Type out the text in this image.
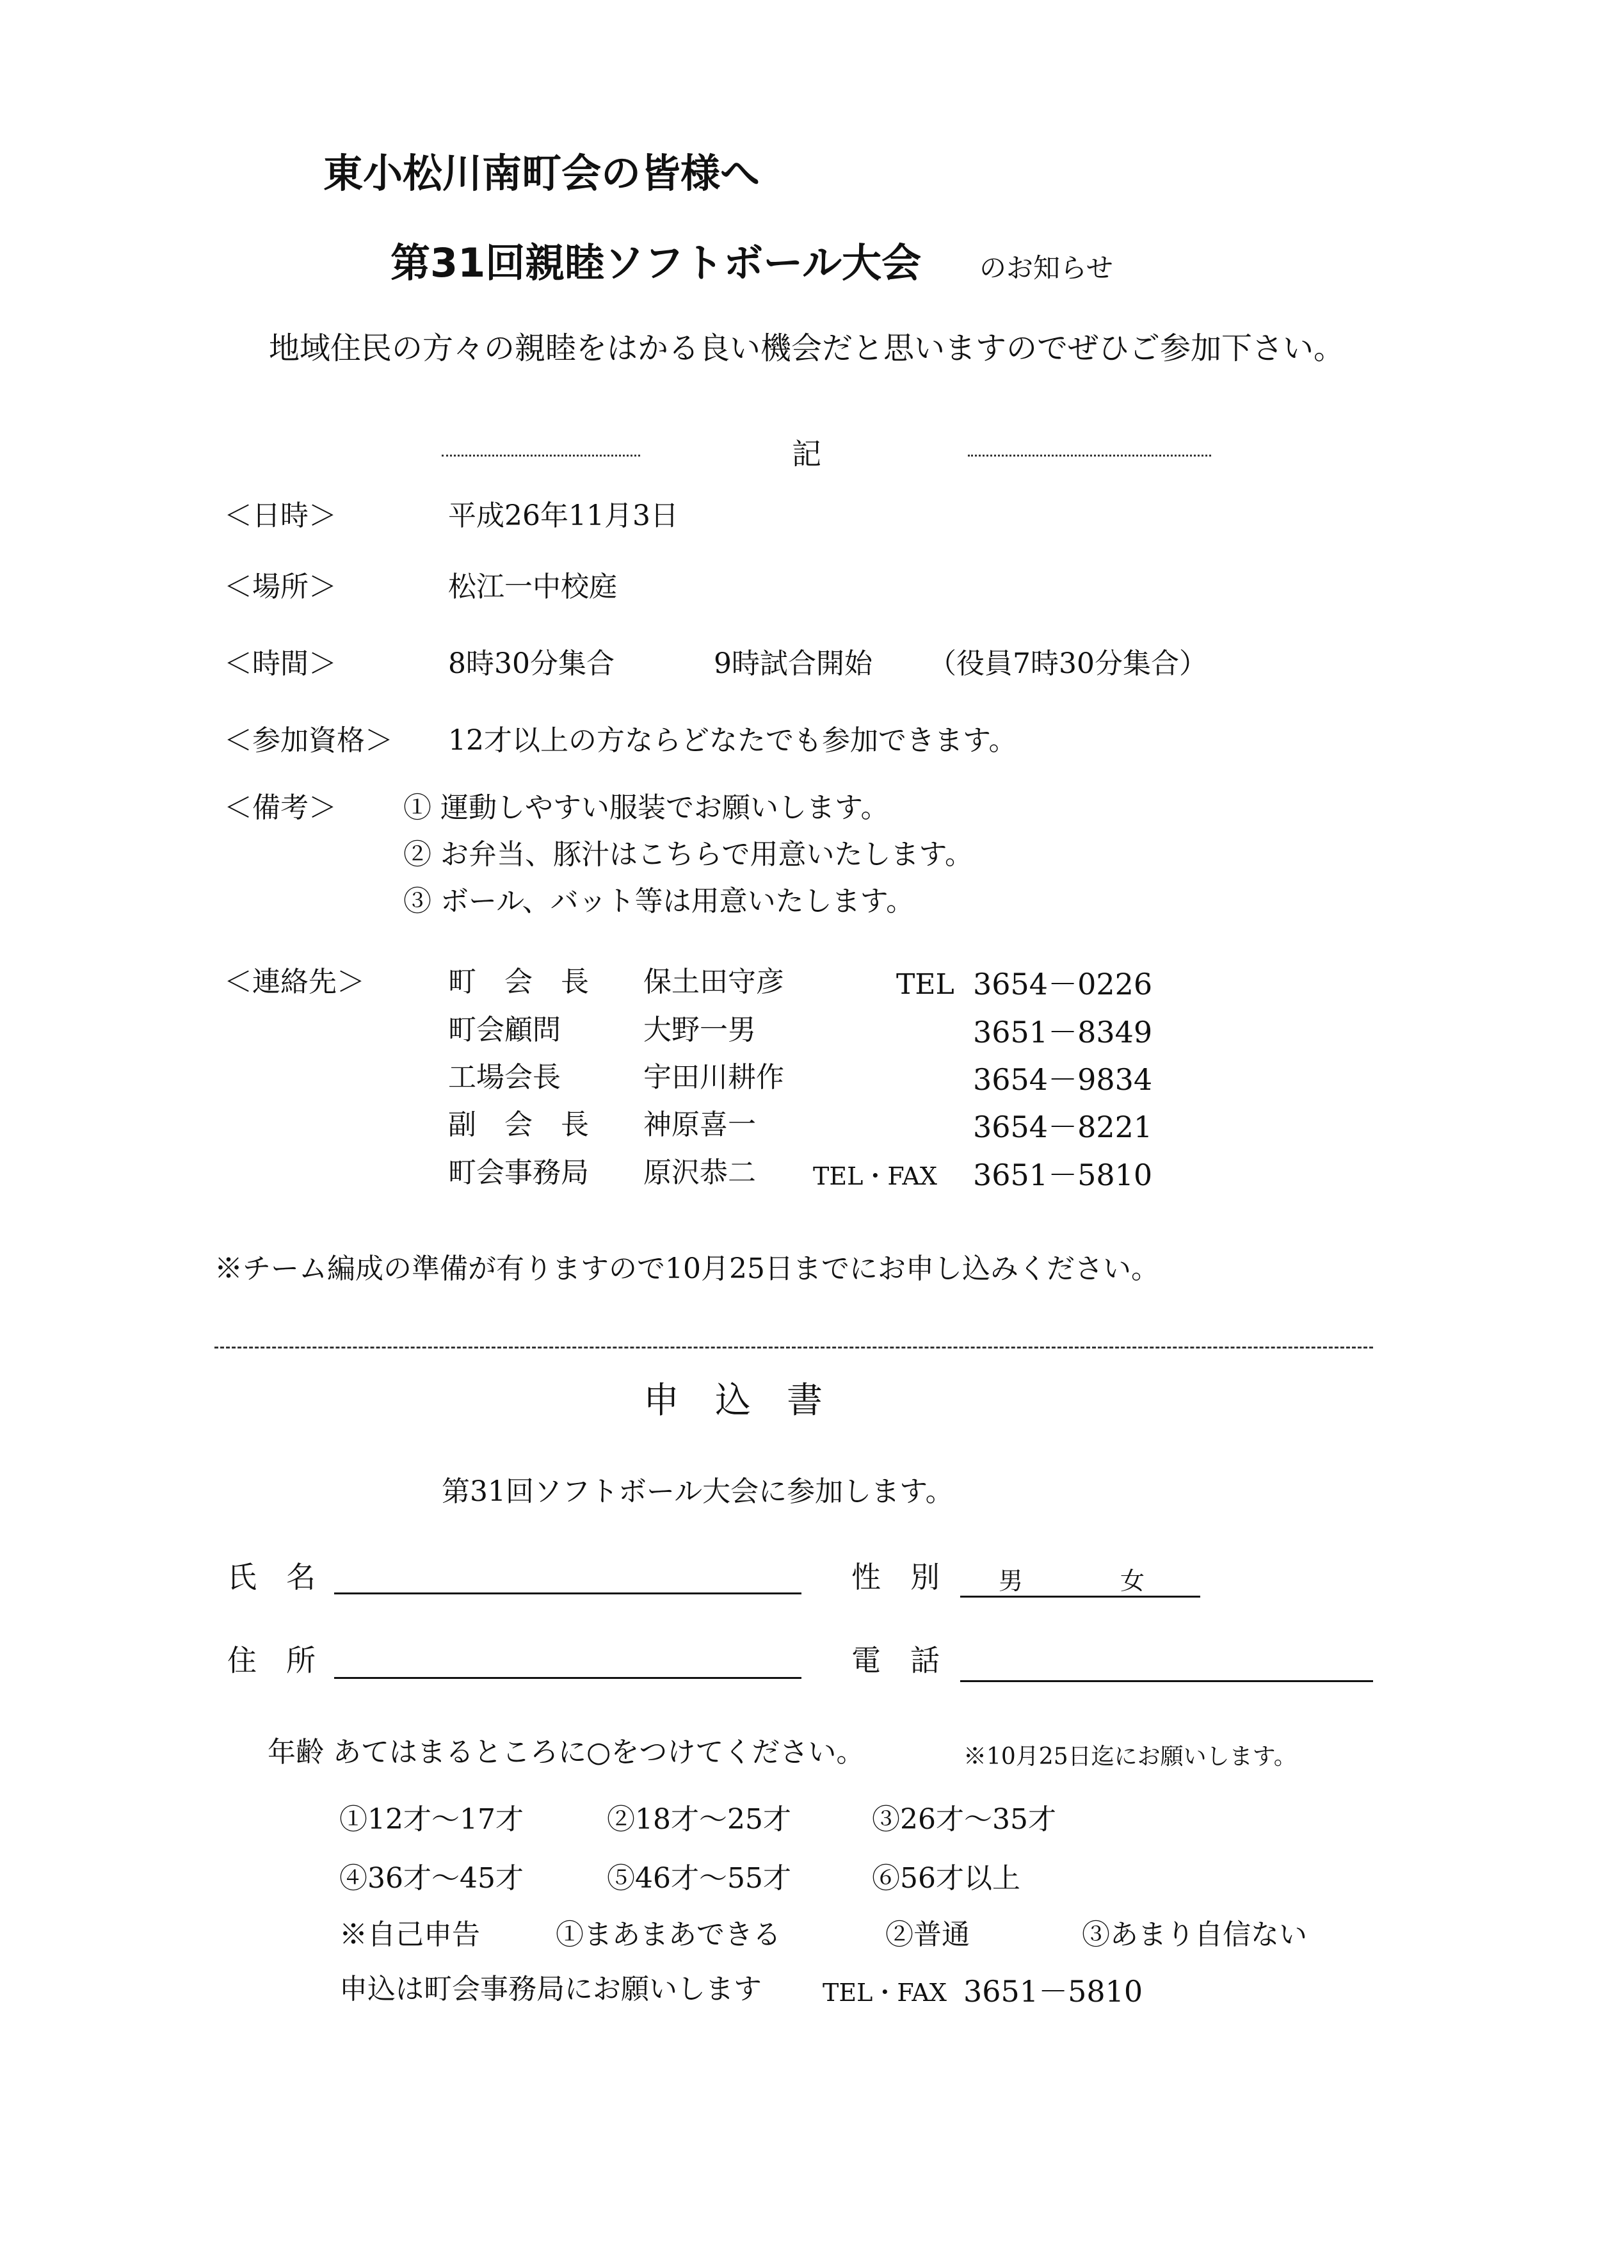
東小松川南町会の皆様へ
第31回親睦ソフトボール大会 のお知らせ
地域住民の方々の親睦をはかる良い機会だと思いますのでぜひご参加下さい。
記
＜日時＞	平成26年11月3日
＜場所＞	松江一中校庭
＜時間＞	8時30分集合	9時試合開始 （役員7時30分集合）
＜参加資格＞ 12才以上の方ならどなたでも参加できます。
＜備考＞ ① 運動しやすい服装でお願いします。
② お弁当、豚汁はこちらで用意いたします。
③ ボール、バット等は用意いたします。
＜連絡先＞	町　会　長 保土田守彦	TEL 3654－0226
町会顧問	大野一男	3651－8349
工場会長	宇田川耕作	3654－9834
副　会　長 神原喜一	3654－8221
町会事務局 原沢恭二 TEL・FAX 3651－5810
※チーム編成の準備が有りますので10月25日までにお申し込みください。
申　込　書
第31回ソフトボール大会に参加します。
氏　名	性　別 男	女
住　所	電　話
年齢 あてはまるところに○をつけてください。	※10月25日迄にお願いします。
①12才～17才	②18才～25才	③26才～35才
④36才～45才	⑤46才～55才	⑥56才以上
※自己申告	①まあまあできる	②普通	③あまり自信ない
申込は町会事務局にお願いします	TEL・FAX 3651－5810
